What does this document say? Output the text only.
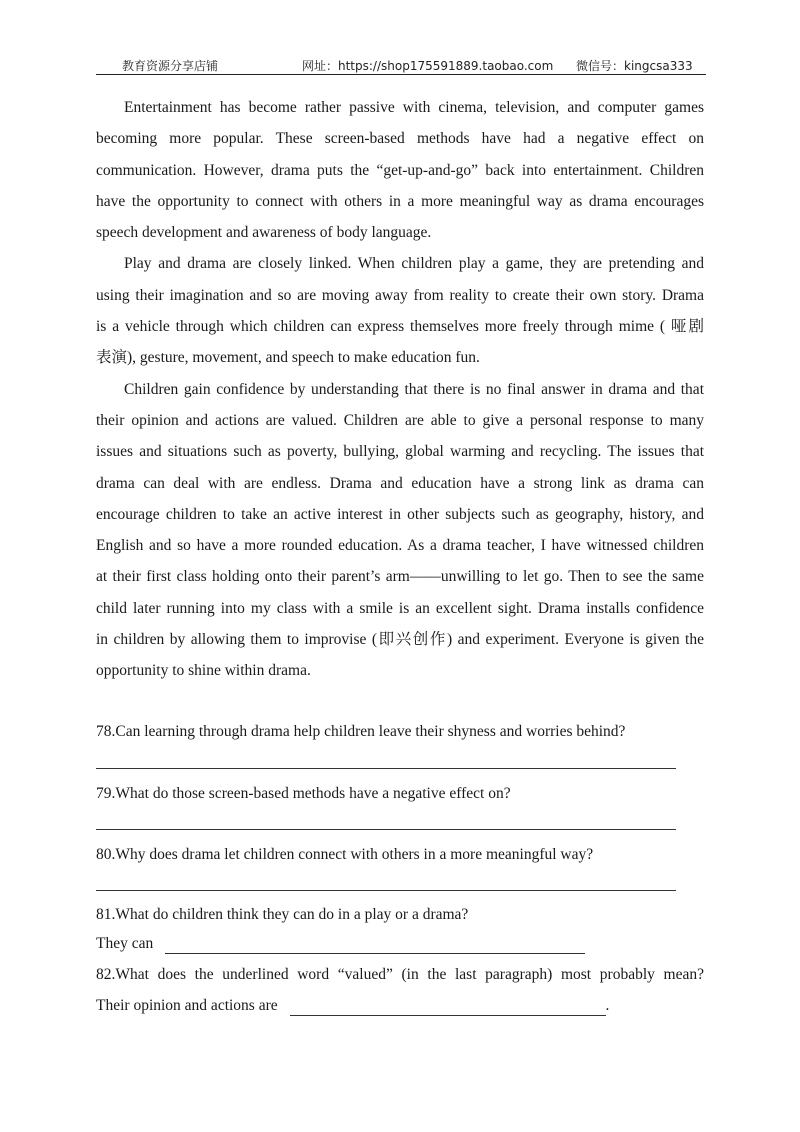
教育资源分享店铺	网址：https://shop175591889.taobao.com 微信号：kingcsa333
Entertainment has become rather passive with cinema, television, and computer games
becoming more popular. These screen-based methods have had a negative effect on
communication. However, drama puts the “get-up-and-go” back into entertainment. Children
have the opportunity to connect with others in a more meaningful way as drama encourages
speech development and awareness of body language.
Play and drama are closely linked. When children play a game, they are pretending and
using their imagination and so are moving away from reality to create their own story. Drama
is a vehicle through which children can express themselves more freely through mime ( 哑剧
表演), gesture, movement, and speech to make education fun.
Children gain confidence by understanding that there is no final answer in drama and that
their opinion and actions are valued. Children are able to give a personal response to many
issues and situations such as poverty, bullying, global warming and recycling. The issues that
drama can deal with are endless. Drama and education have a strong link as drama can
encourage children to take an active interest in other subjects such as geography, history, and
English and so have a more rounded education. As a drama teacher, I have witnessed children
at their first class holding onto their parent’s arm——unwilling to let go. Then to see the same
child later running into my class with a smile is an excellent sight. Drama installs confidence
in children by allowing them to improvise (即兴创作) and experiment. Everyone is given the
opportunity to shine within drama.
78.Can learning through drama help children leave their shyness and worries behind?
79.What do those screen-based methods have a negative effect on?
80.Why does drama let children connect with others in a more meaningful way?
81.What do children think they can do in a play or a drama?
They can
82.What does the underlined word “valued” (in the last paragraph) most probably mean?
Their opinion and actions are	.
